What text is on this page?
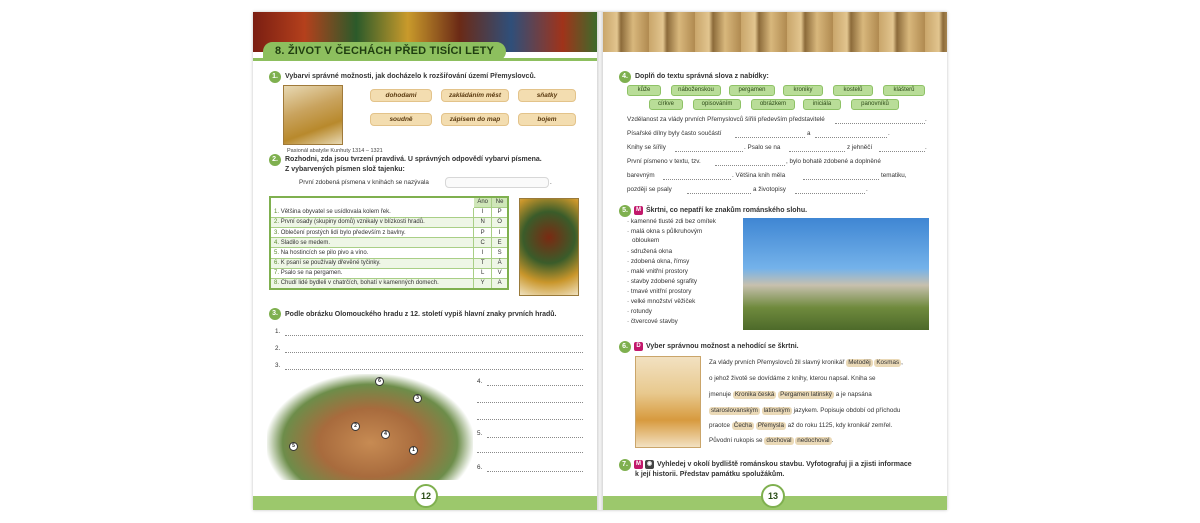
8. ŽIVOT V ČECHÁCH PŘED TISÍCI LETY
1.	Vybarvi správné možnosti, jak docházelo k rozšiřování území Přemyslovců.
Pasionál abatyše Kunhuty 1314 – 1321
dohodami	zakládáním měst	sňatky
soudně	zápisem do map	bojem
2.	Rozhodni, zda jsou tvrzení pravdivá. U správných odpovědí vybarvi písmena.
Z vybarvených písmen slož tajenku:
První zdobená písmena v knihách se nazývala	.
	Ano	Ne
1. Většina obyvatel se usídlovala kolem řek.	I	P
2. První osady (skupiny domů) vznikaly v blízkosti hradů.	N	O
3. Oblečení prostých lidí bylo především z bavlny.	P	I
4. Sladilo se medem.	C	E
5. Na hostincích se pilo pivo a víno.	I	S
6. K psaní se používaly dřevěné tyčinky.	T	Á
7. Psalo se na pergamen.	L	V
8. Chudí lidé bydleli v chatrčích, bohatí v kamenných domech.	Y	A
3.	Podle obrázku Olomouckého hradu z 12. století vypiš hlavní znaky prvních hradů.
1.
2.
3.
6
3
2
4
5
1
4.
5.
6.
12
4.	Doplň do textu správná slova z nabídky:
kůže	náboženskou	pergamen	kroniky	kostelů	klášterů
církve	opisováním	obrázkem	iniciála	panovníků
Vzdělanost za vlády prvních Přemyslovců šířili především představitelé	.
Písařské dílny byly často součástí	a	.
Knihy se šířily	. Psalo se na	z jehněčí	.
První písmeno v textu, tzv.	, bylo bohatě zdobené a doplněné
barevným	. Většina knih měla	tematiku,
později se psaly	a životopisy	.
5.	M Škrtni, co nepatří ke znakům románského slohu.
· kamenné tlusté zdi bez omítek
· malá okna s půlkruhovým
obloukem
· sdružená okna
· zdobená okna, římsy
· malé vnitřní prostory
· stavby zdobené sgrafity
· tmavé vnitřní prostory
· velké množství věžiček
· rotundy
· čtvercové stavby
6.	D Vyber správnou možnost a nehodící se škrtni.
Za vlády prvních Přemyslovců žil slavný kronikář Metoděj Kosmas ,
o jehož životě se dovídáme z knihy, kterou napsal. Kniha se
jmenuje Kronika česká Pergamen latinský a je napsána
staroslovanským latinským jazykem. Popisuje období od příchodu
praotce Čecha Přemysla až do roku 1125, kdy kronikář zemřel.
Původní rukopis se dochoval nedochoval .
7.	M ◉ Vyhledej v okolí bydliště románskou stavbu. Vyfotografuj ji a zjisti informace
k její historii. Představ památku spolužákům.
13
